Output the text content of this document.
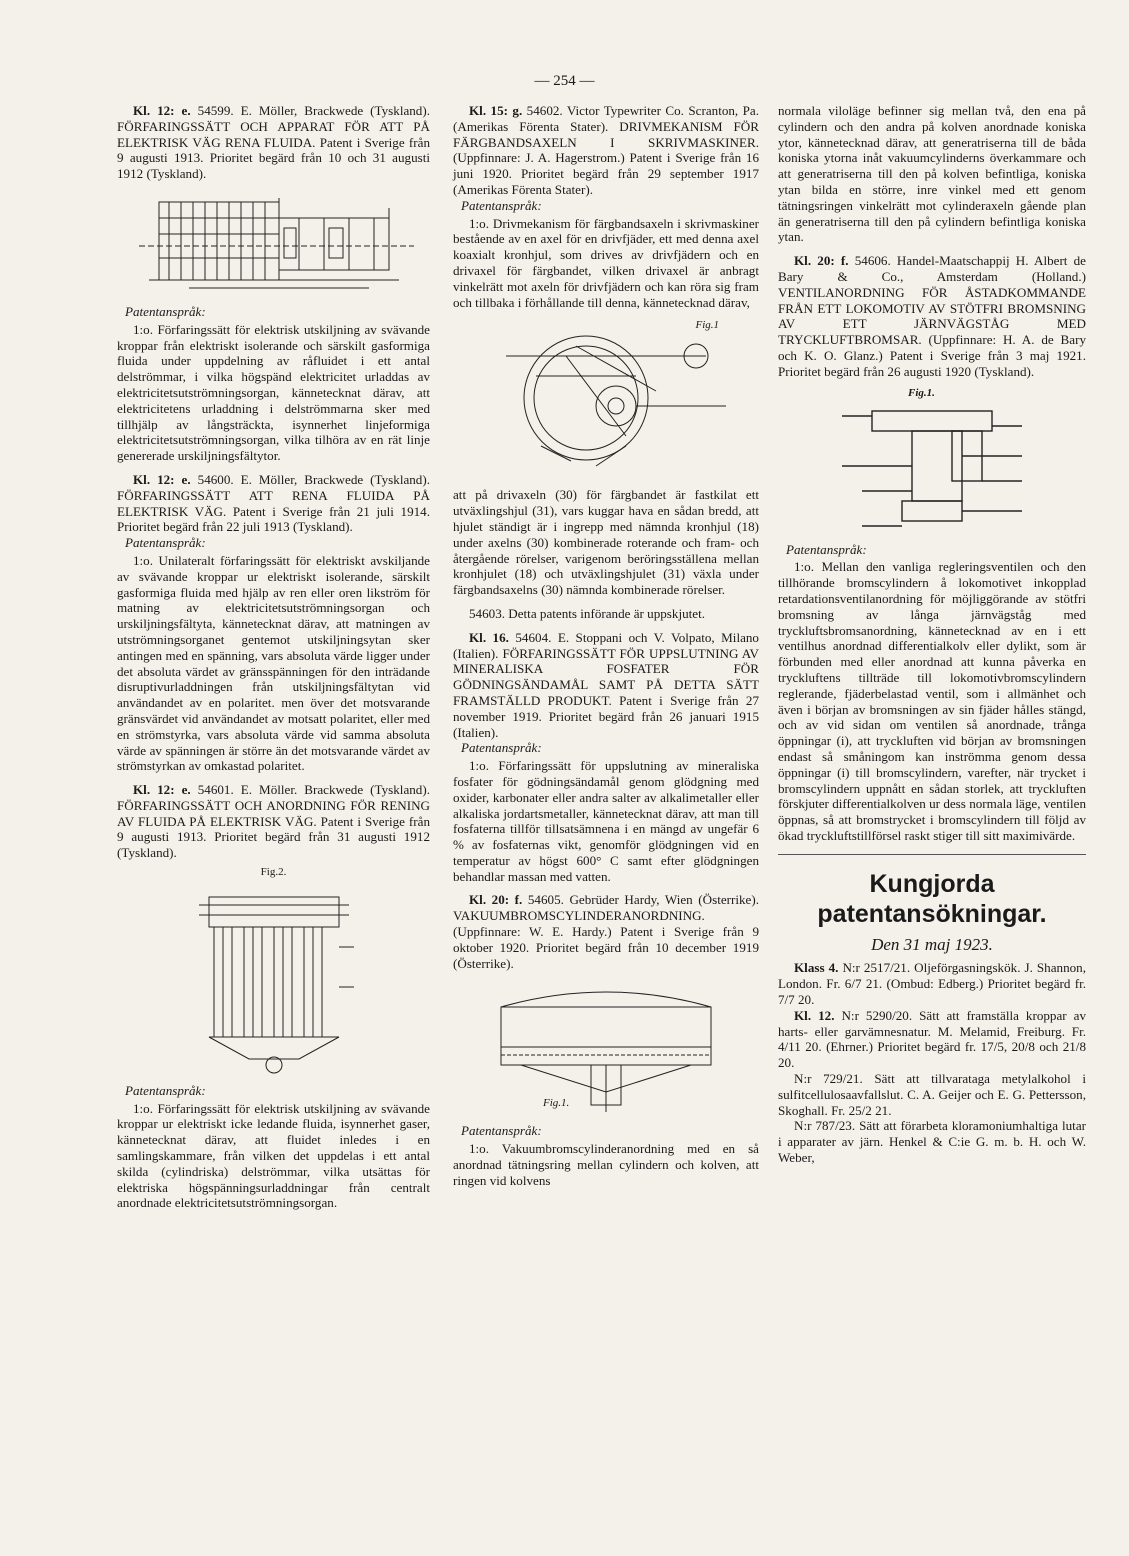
— 254 —

Kl. 12: e. 54599. E. Möller, Brackwede (Tyskland). FÖRFARINGSSÄTT OCH APPARAT FÖR ATT PÅ ELEKTRISK VÄG RENA FLUIDA. Patent i Sverige från 9 augusti 1913. Prioritet begärd från 10 och 31 augusti 1912 (Tyskland).

Patentanspråk:

1:o. Förfaringssätt för elektrisk utskiljning av svävande kroppar från elektriskt isolerande och särskilt gasformiga fluida under uppdelning av råfluidet i ett antal delströmmar, i vilka högspänd elektricitet urladdas av elektricitetsutströmningsorgan, kännetecknat därav, att elektricitetens urladdning i delströmmarna sker med tillhjälp av långsträckta, isynnerhet linjeformiga elektricitetsutströmningsorgan, vilka tilhöra av en rät linje genererade urskiljningsfältytor.

Kl. 12: e. 54600. E. Möller, Brackwede (Tyskland). FÖRFARINGSSÄTT ATT RENA FLUIDA PÅ ELEKTRISK VÄG. Patent i Sverige från 21 juli 1914. Prioritet begärd från 22 juli 1913 (Tyskland).

Patentanspråk:

1:o. Unilateralt förfaringssätt för elektriskt avskiljande av svävande kroppar ur elektriskt isolerande, särskilt gasformiga fluida med hjälp av ren eller oren likström för matning av elektricitetsutströmningsorgan och urskiljningsfältyta, kännetecknat därav, att matningen av utströmningsorganet gentemot utskiljningsytan sker antingen med en spänning, vars absoluta värde ligger under det absoluta värdet av gränsspänningen för den inträdande disruptivurladdningen från utskiljningsfältytan vid användandet av en polaritet. men över det motsvarande gränsvärdet vid användandet av motsatt polaritet, eller med en strömstyrka, vars absoluta värde vid samma absoluta värde av spänningen är större än det motsvarande värdet av strömstyrkan av omkastad polaritet.

Kl. 12: e. 54601. E. Möller. Brackwede (Tyskland). FÖRFARINGSSÄTT OCH ANORDNING FÖR RENING AV FLUIDA PÅ ELEKTRISK VÄG. Patent i Sverige från 9 augusti 1913. Prioritet begärd från 31 augusti 1912 (Tyskland).

Fig.2.

Patentanspråk:

1:o. Förfaringssätt för elektrisk utskiljning av svävande kroppar ur elektriskt icke ledande fluida, isynnerhet gaser, kännetecknat därav, att fluidet inledes i en samlingskammare, från vilken det uppdelas i ett antal skilda (cylindriska) delströmmar, vilka utsättas för elektriska högspänningsurladdningar från centralt anordnade elektricitetsutströmningsorgan.

Kl. 15: g. 54602. Victor Typewriter Co. Scranton, Pa. (Amerikas Förenta Stater). DRIVMEKANISM FÖR FÄRGBANDSAXELN I SKRIVMASKINER. (Uppfinnare: J. A. Hagerstrom.) Patent i Sverige från 16 juni 1920. Prioritet begärd från 29 september 1917 (Amerikas Förenta Stater).

Patentanspråk:

1:o. Drivmekanism för färgbandsaxeln i skrivmaskiner bestående av en axel för en drivfjäder, ett med denna axel koaxialt kronhjul, som drives av drivfjädern och en drivaxel för färgbandet, vilken drivaxel är anbragt vinkelrätt mot axeln för drivfjädern och kan röra sig fram och tillbaka i förhållande till denna, kännetecknad därav,

Fig.1

att på drivaxeln (30) för färgbandet är fastkilat ett utväxlingshjul (31), vars kuggar hava en sådan bredd, att hjulet ständigt är i ingrepp med nämnda kronhjul (18) under axelns (30) kombinerade roterande och fram- och återgående rörelser, varigenom beröringsställena mellan kronhjulet (18) och utväxlingshjulet (31) växla under färgbandsaxelns (30) nämnda kombinerade rörelser.

54603. Detta patents införande är uppskjutet.

Kl. 16. 54604. E. Stoppani och V. Volpato, Milano (Italien). FÖRFARINGSSÄTT FÖR UPPSLUTNING AV MINERALISKA FOSFATER FÖR GÖDNINGSÄNDAMÅL SAMT PÅ DETTA SÄTT FRAMSTÄLLD PRODUKT. Patent i Sverige från 27 november 1919. Prioritet begärd från 26 januari 1915 (Italien).

Patentanspråk:

1:o. Förfaringssätt för uppslutning av mineraliska fosfater för gödningsändamål genom glödgning med oxider, karbonater eller andra salter av alkalimetaller eller alkaliska jordartsmetaller, kännetecknat därav, att man till fosfaterna tillför tillsatsämnena i en mängd av ungefär 6 % av fosfaternas vikt, genomför glödgningen vid en temperatur av högst 600° C samt efter glödgningen behandlar massan med vatten.

Kl. 20: f. 54605. Gebrüder Hardy, Wien (Österrike). VAKUUMBROMSCYLINDERANORDNING. (Uppfinnare: W. E. Hardy.) Patent i Sverige från 9 oktober 1920. Prioritet begärd från 10 december 1919 (Österrike).

Fig.1.

Patentanspråk:

1:o. Vakuumbromscylinderanordning med en så anordnad tätningsring mellan cylindern och kolven, att ringen vid kolvens

normala viloläge befinner sig mellan två, den ena på cylindern och den andra på kolven anordnade koniska ytor, kännetecknad därav, att generatriserna till de båda koniska ytorna inåt vakuumcylinderns överkammare och att generatriserna till den på kolven befintliga, koniska ytan bilda en större, inre vinkel med ett genom tätningsringen vinkelrätt mot cylinderaxeln gående plan än generatriserna till den på cylindern befintliga koniska ytan.

Kl. 20: f. 54606. Handel-Maatschappij H. Albert de Bary & Co., Amsterdam (Holland.) VENTILANORDNING FÖR ÅSTADKOMMANDE FRÅN ETT LOKOMOTIV AV STÖTFRI BROMSNING AV ETT JÄRNVÄGSTÅG MED TRYCKLUFTBROMSAR. (Uppfinnare: H. A. de Bary och K. O. Glanz.) Patent i Sverige från 3 maj 1921. Prioritet begärd från 26 augusti 1920 (Tyskland).

Fig.1.

Patentanspråk:

1:o. Mellan den vanliga regleringsventilen och den tillhörande bromscylindern å lokomotivet inkopplad retardationsventilanordning för möjliggörande av stötfri bromsning av långa järnvägståg med tryckluftsbromsanordning, kännetecknad av en i ett ventilhus anordnad differentialkolv eller dylikt, som är förbunden med eller anordnad att kunna påverka en tryckluftens tillträde till lokomotivbromscylindern reglerande, fjäderbelastad ventil, som i allmänhet och även i början av bromsningen av sin fjäder hålles stängd, och av vid sidan om ventilen så anordnade, trånga öppningar (i), att tryckluften vid början av bromsningen endast så småningom kan inströmma genom dessa öppningar (i) till bromscylindern, varefter, när trycket i bromscylindern uppnått en sådan storlek, att tryckluften förskjuter differentialkolven ur dess normala läge, ventilen öppnas, så att bromstrycket i bromscylindern till följd av ökad tryckluftstillförsel raskt stiger till sitt maximivärde.

Kungjorda patentansökningar.
Den 31 maj 1923.

Klass 4. N:r 2517/21. Oljeförgasningskök. J. Shannon, London. Fr. 6/7 21. (Ombud: Edberg.) Prioritet begärd fr. 7/7 20.

Kl. 12. N:r 5290/20. Sätt att framställa kroppar av harts- eller garvämnesnatur. M. Melamid, Freiburg. Fr. 4/11 20. (Ehrner.) Prioritet begärd fr. 17/5, 20/8 och 21/8 20.

N:r 729/21. Sätt att tillvarataga metylalkohol i sulfitcellulosaavfallslut. C. A. Geijer och E. G. Pettersson, Skoghall. Fr. 25/2 21.

N:r 787/23. Sätt att förarbeta kloramoniumhaltiga lutar i apparater av järn. Henkel & C:ie G. m. b. H. och W. Weber,
